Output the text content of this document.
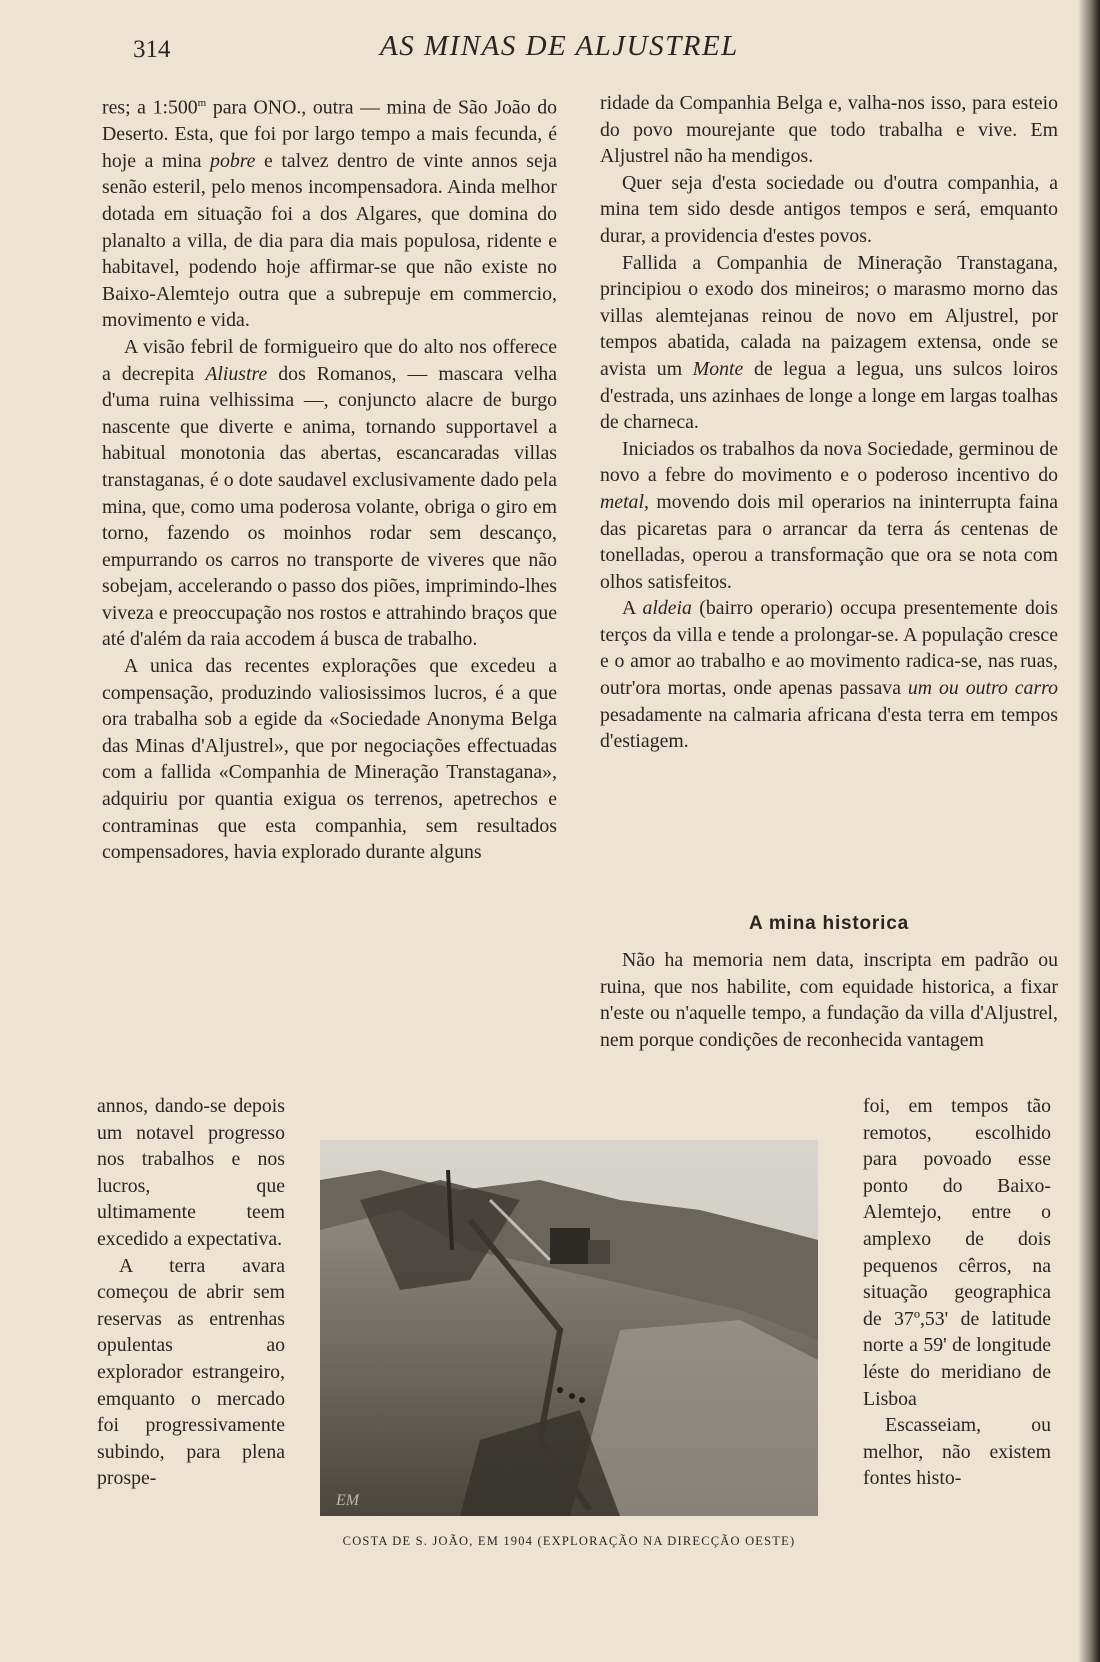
314	AS MINAS DE ALJUSTREL

res; a 1:500$^m$ para ONO., outra — mina de São João do Deserto. Esta, que foi por largo tempo a mais fecunda, é hoje a mina pobre e talvez dentro de vinte annos seja senão esteril, pelo menos incompensadora. Ainda melhor dotada em situação foi a dos Algares, que domina do planalto a villa, de dia para dia mais populosa, ridente e habitavel, podendo hoje affirmar-se que não existe no Baixo-Alemtejo outra que a subrepuje em commercio, movimento e vida.

A visão febril de formigueiro que do alto nos offerece a decrepita Aliustre dos Romanos, — mascara velha d'uma ruina velhissima —, conjuncto alacre de burgo nascente que diverte e anima, tornando supportavel a habitual monotonia das abertas, escancaradas villas transtaganas, é o dote saudavel exclusivamente dado pela mina, que, como uma poderosa volante, obriga o giro em torno, fazendo os moinhos rodar sem descanço, empurrando os carros no transporte de viveres que não sobejam, accelerando o passo dos piões, imprimindo-lhes viveza e preoccupação nos rostos e attrahindo braços que até d'além da raia accodem á busca de trabalho.

A unica das recentes explorações que excedeu a compensação, produzindo valiosissimos lucros, é a que ora trabalha sob a egide da «Sociedade Anonyma Belga das Minas d'Aljustrel», que por negociações effectuadas com a fallida «Companhia de Mineração Transtagana», adquiriu por quantia exigua os terrenos, apetrechos e contraminas que esta companhia, sem resultados compensadores, havia explorado durante alguns

annos, dando-se depois um notavel progresso nos trabalhos e nos lucros, que ultimamente teem excedido a expectativa.

A terra avara começou de abrir sem reservas as entrenhas opulentas ao explorador estrangeiro, emquanto o mercado foi progressivamente subindo, para plena prospe-

ridade da Companhia Belga e, valha-nos isso, para esteio do povo mourejante que todo trabalha e vive. Em Aljustrel não ha mendigos.

Quer seja d'esta sociedade ou d'outra companhia, a mina tem sido desde antigos tempos e será, emquanto durar, a providencia d'estes povos.

Fallida a Companhia de Mineração Transtagana, principiou o exodo dos mineiros; o marasmo morno das villas alemtejanas reinou de novo em Aljustrel, por tempos abatida, calada na paizagem extensa, onde se avista um Monte de legua a legua, uns sulcos loiros d'estrada, uns azinhaes de longe a longe em largas toalhas de charneca.

Iniciados os trabalhos da nova Sociedade, germinou de novo a febre do movimento e o poderoso incentivo do metal, movendo dois mil operarios na ininterrupta faina das picaretas para o arrancar da terra ás centenas de tonelladas, operou a transformação que ora se nota com olhos satisfeitos.

A aldeia (bairro operario) occupa presentemente dois terços da villa e tende a prolongar-se. A população cresce e o amor ao trabalho e ao movimento radica-se, nas ruas, outr'ora mortas, onde apenas passava um ou outro carro pesadamente na calmaria africana d'esta terra em tempos d'estiagem.

A mina historica

Não ha memoria nem data, inscripta em padrão ou ruina, que nos habilite, com equidade historica, a fixar n'este ou n'aquelle tempo, a fundação da villa d'Aljustrel, nem porque condições de reconhecida vantagem

foi, em tempos tão remotos, escolhido para povoado esse ponto do Baixo-Alemtejo, entre o amplexo de dois pequenos cêrros, na situação geographica de 37º,53' de latitude norte a 59' de longitude léste do meridiano de Lisboa

Escasseiam, ou melhor, não existem fontes histo-

EM
COSTA DE S. JOÃO, EM 1904 (EXPLORAÇÃO NA DIRECÇÃO OESTE)
